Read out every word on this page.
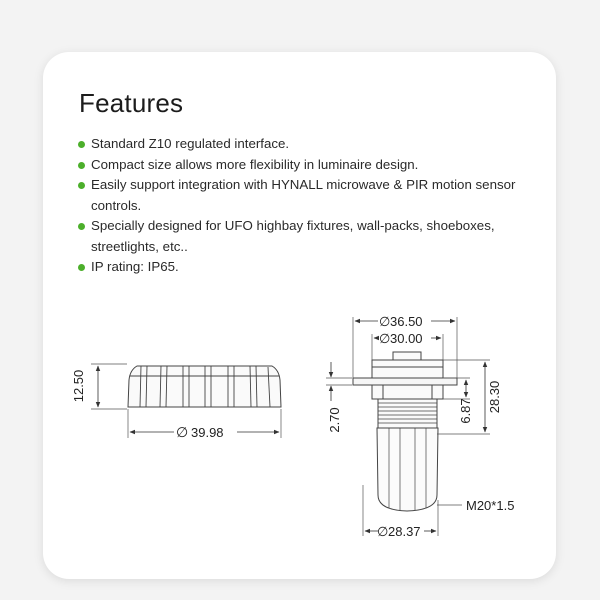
Features
Standard Z10 regulated interface.
Compact size allows more flexibility in luminaire design.
Easily support integration with HYNALL microwave & PIR motion sensor controls.
Specially designed for UFO highbay fixtures, wall-packs, shoeboxes, streetlights, etc..
IP rating: IP65.
12.50
∅ 39.98
∅ 36.50
∅ 30.00
2.70	6.87 28.30
M20*1.5
∅ 28.37
